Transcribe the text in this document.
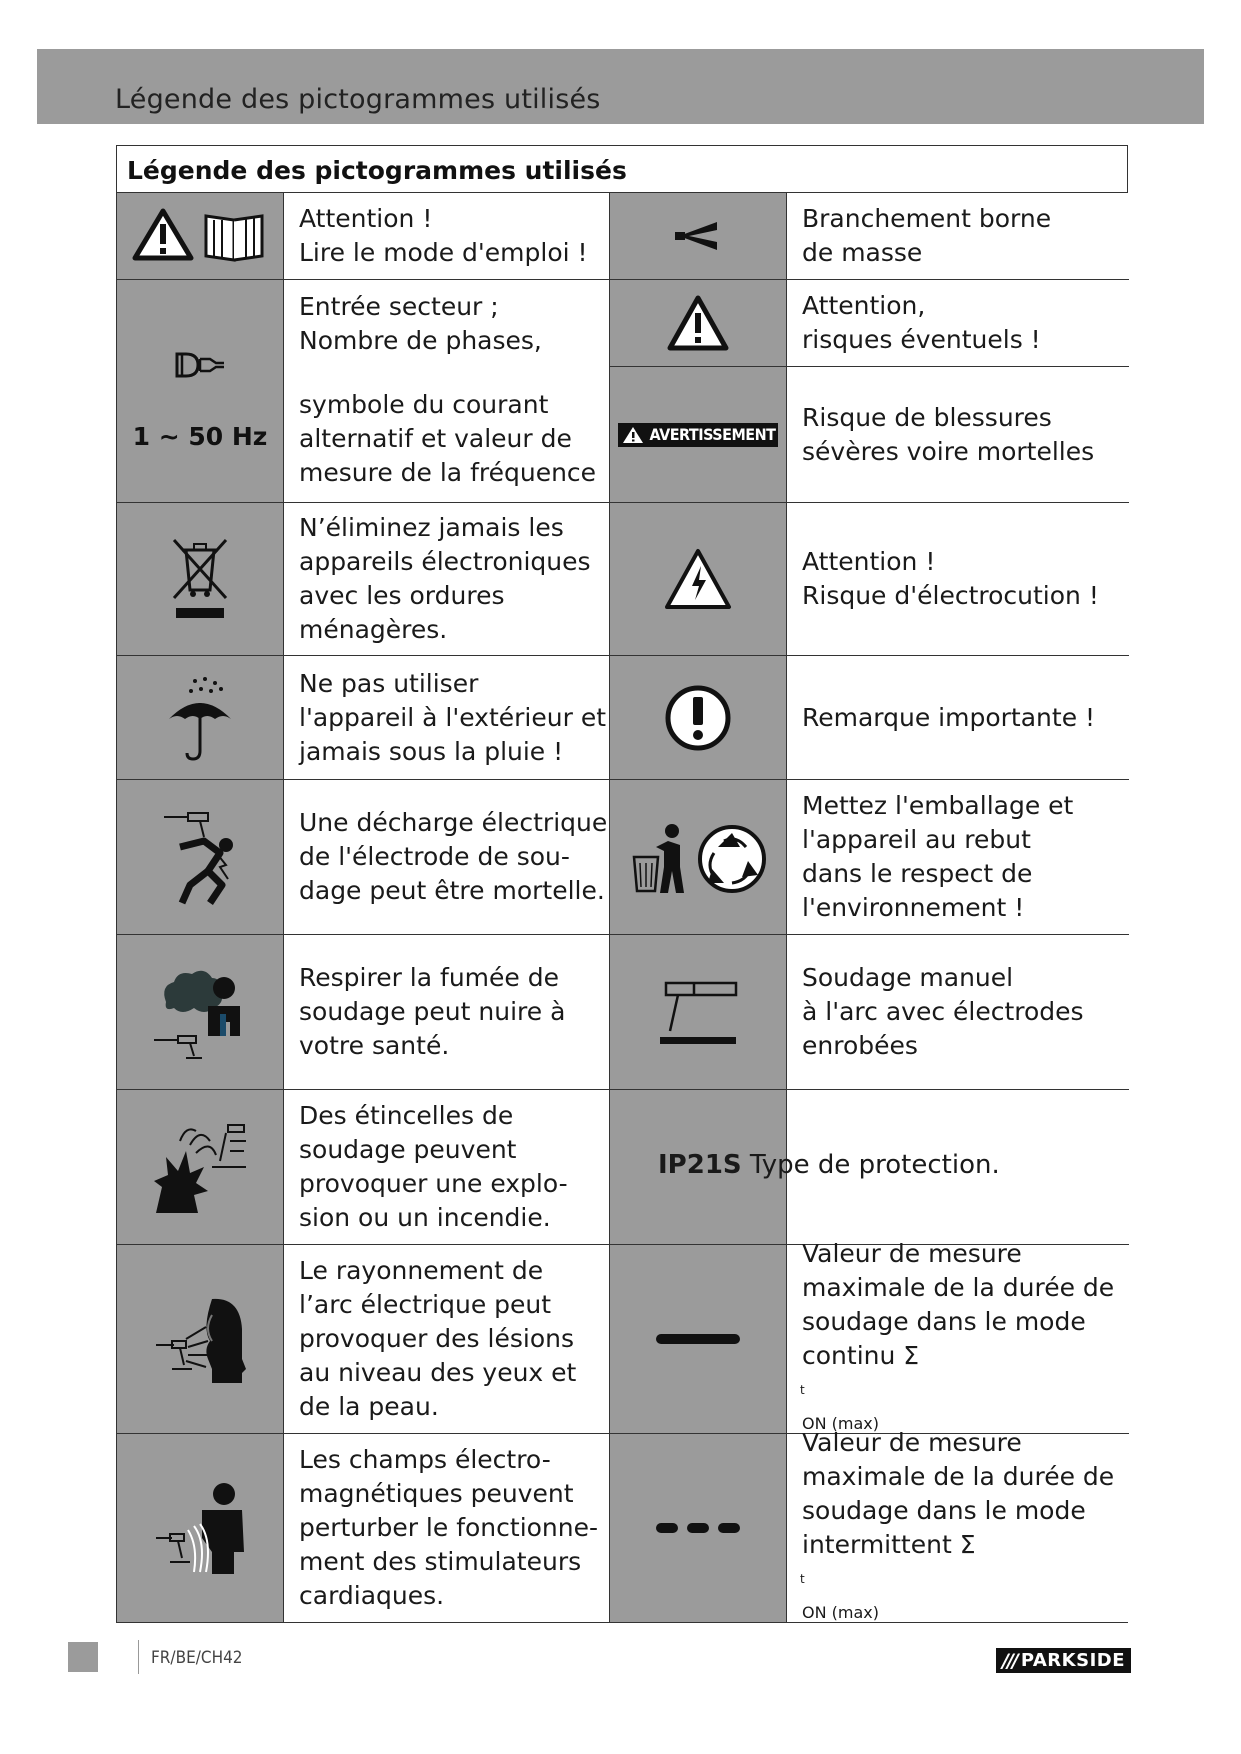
Légende des pictogrammes utilisés
Légende des pictogrammes utilisés
Attention !
Lire le mode d'emploi !
1 ~ 50 Hz
Entrée secteur ;
Nombre de phases,
symbole du courant
alternatif et valeur de
mesure de la fréquence
N’éliminez jamais les
appareils électroniques
avec les ordures
ménagères.
Ne pas utiliser
l'appareil à l'extérieur et
jamais sous la pluie !
Une décharge électrique
de l'électrode de sou-
dage peut être mortelle.
Respirer la fumée de
soudage peut nuire à
votre santé.
Des étincelles de
soudage peuvent
provoquer une explo-
sion ou un incendie.
Le rayonnement de
l’arc électrique peut
provoquer des lésions
au niveau des yeux et
de la peau.
Les champs électro-
magnétiques peuvent
perturber le fonctionne-
ment des stimulateurs
cardiaques.
Branchement borne
de masse
Attention,
risques éventuels !
AVERTISSEMENT
Risque de blessures
sévères voire mortelles
Attention !
Risque d'électrocution !
Remarque importante !
Mettez l'emballage et
l'appareil au rebut
dans le respect de
l'environnement !
Soudage manuel
à l'arc avec électrodes
enrobées
Valeur de mesure
maximale de la durée de
soudage dans le mode
continu Σ
t
ON (max)
Valeur de mesure
maximale de la durée de
soudage dans le mode
intermittent Σ
t
ON (max)
IP21S Type de protection.
FR/BE/CH42	/// PARKSIDE
